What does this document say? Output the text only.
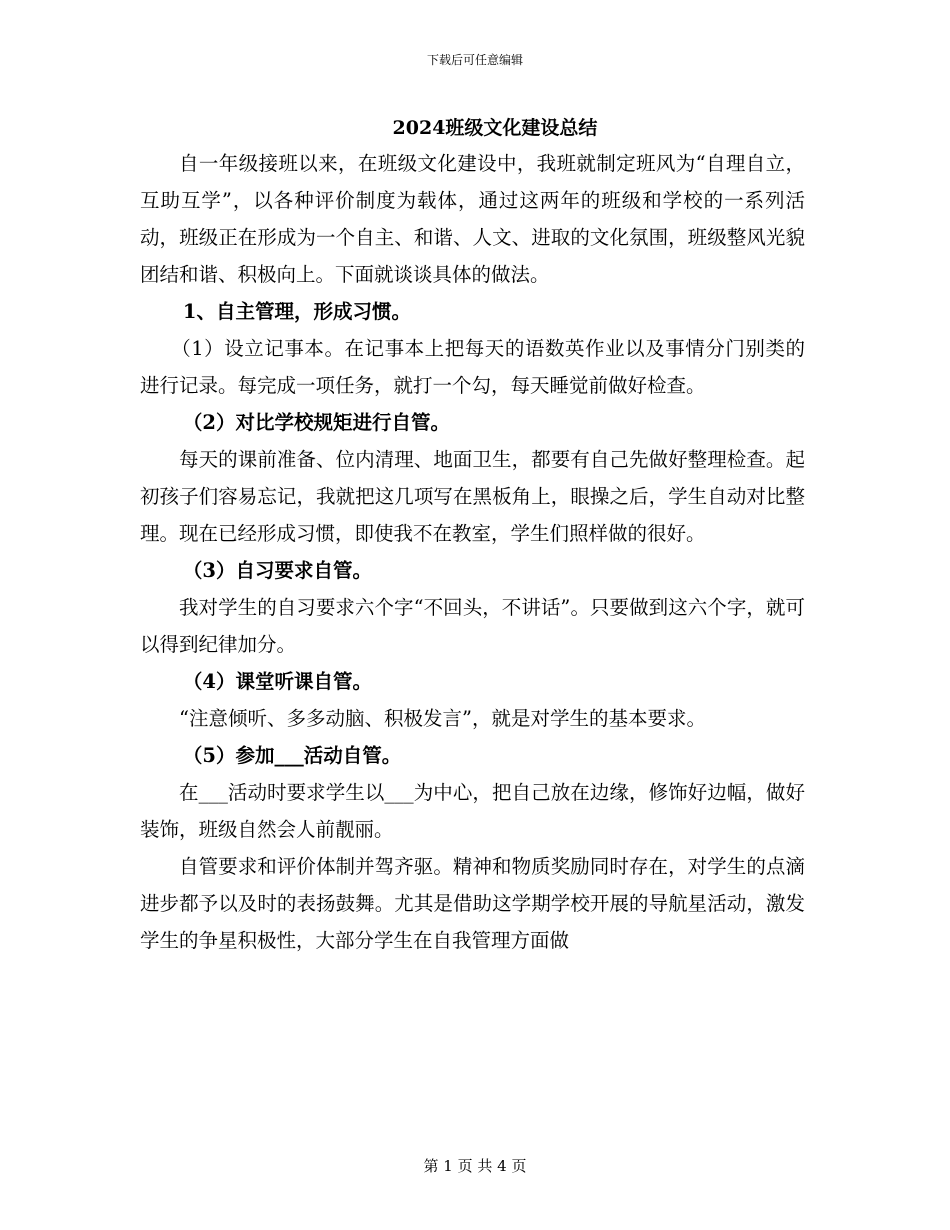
下载后可任意编辑
2024班级文化建设总结

自一年级接班以来，在班级文化建设中，我班就制定班风为“自理自立，互助互学”，以各种评价制度为载体，通过这两年的班级和学校的一系列活动，班级正在形成为一个自主、和谐、人文、进取的文化氛围，班级整风光貌团结和谐、积极向上。下面就谈谈具体的做法。

1、自主管理，形成习惯。

（1）设立记事本。在记事本上把每天的语数英作业以及事情分门别类的进行记录。每完成一项任务，就打一个勾，每天睡觉前做好检查。

（2）对比学校规矩进行自管。

每天的课前准备、位内清理、地面卫生，都要有自己先做好整理检查。起初孩子们容易忘记，我就把这几项写在黑板角上，眼操之后，学生自动对比整理。现在已经形成习惯，即使我不在教室，学生们照样做的很好。

（3）自习要求自管。

我对学生的自习要求六个字“不回头，不讲话”。只要做到这六个字，就可以得到纪律加分。

（4）课堂听课自管。

“注意倾听、多多动脑、积极发言”，就是对学生的基本要求。

（5）参加___活动自管。

在___活动时要求学生以___为中心，把自己放在边缘，修饰好边幅，做好装饰，班级自然会人前靓丽。

自管要求和评价体制并驾齐驱。精神和物质奖励同时存在，对学生的点滴进步都予以及时的表扬鼓舞。尤其是借助这学期学校开展的导航星活动，激发学生的争星积极性，大部分学生在自我管理方面做

第 1 页 共 4 页
